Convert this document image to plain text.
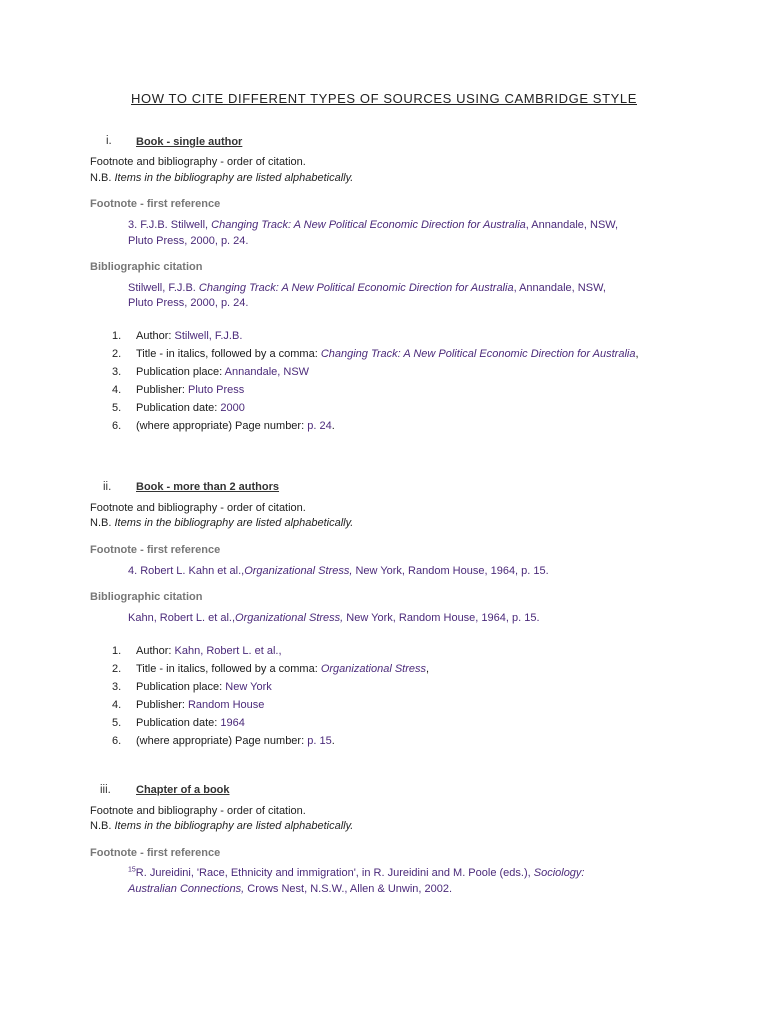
HOW TO CITE DIFFERENT TYPES OF SOURCES USING CAMBRIDGE STYLE
i. Book - single author
Footnote and bibliography - order of citation.
N.B. Items in the bibliography are listed alphabetically.
Footnote - first reference
3. F.J.B. Stilwell, Changing Track: A New Political Economic Direction for Australia, Annandale, NSW,
Pluto Press, 2000, p. 24.
Bibliographic citation
Stilwell, F.J.B. Changing Track: A New Political Economic Direction for Australia, Annandale, NSW,
Pluto Press, 2000, p. 24.
1. Author: Stilwell, F.J.B.
2. Title - in italics, followed by a comma: Changing Track: A New Political Economic Direction for Australia,
3. Publication place: Annandale, NSW
4. Publisher: Pluto Press
5. Publication date: 2000
6. (where appropriate) Page number: p. 24.
ii. Book - more than 2 authors
Footnote and bibliography - order of citation.
N.B. Items in the bibliography are listed alphabetically.
Footnote - first reference
4. Robert L. Kahn et al.,Organizational Stress, New York, Random House, 1964, p. 15.
Bibliographic citation
Kahn, Robert L. et al.,Organizational Stress, New York, Random House, 1964, p. 15.
1. Author: Kahn, Robert L. et al.,
2. Title - in italics, followed by a comma: Organizational Stress,
3. Publication place: New York
4. Publisher: Random House
5. Publication date: 1964
6. (where appropriate) Page number: p. 15.
iii. Chapter of a book
Footnote and bibliography - order of citation.
N.B. Items in the bibliography are listed alphabetically.
Footnote - first reference
$^{15}$R. Jureidini, 'Race, Ethnicity and immigration', in R. Jureidini and M. Poole (eds.), Sociology:
Australian Connections, Crows Nest, N.S.W., Allen & Unwin, 2002.
